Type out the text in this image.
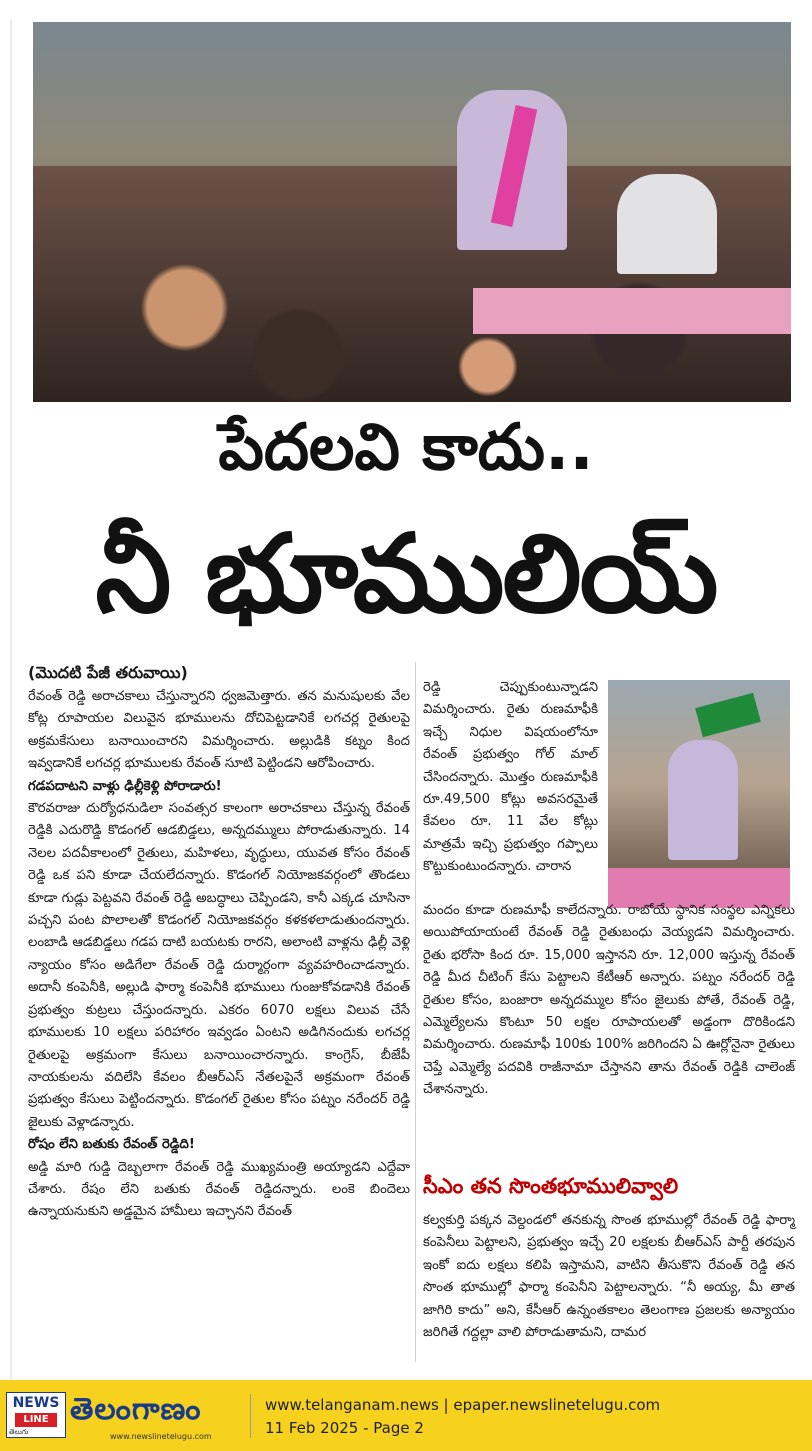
పేదలవి కాదు..
నీ భూములియ్

(మొదటి పేజీ తరువాయి)

రేవంత్ రెడ్డి అరాచకాలు చేస్తున్నారని ధ్వజమెత్తారు. తన మనుషులకు వేల కోట్ల రూపాయల విలువైన భూములను దోచిపెట్టడానికే లగచర్ల రైతులపై అక్రమకేసులు బనాయించారని విమర్శించారు. అల్లుడికి కట్నం కింద ఇవ్వడానికే లగచర్ల భూములకు రేవంత్ సూటి పెట్టిండని ఆరోపించారు.

గడపదాటని వాళ్లు ఢిల్లీకెళ్లి పోరాడారు!

కౌరవరాజు దుర్యోధనుడిలా సంవత్సర కాలంగా అరాచకాలు చేస్తున్న రేవంత్ రెడ్డికి ఎదురొడ్డి కొడంగల్ ఆడబిడ్డలు, అన్నదమ్ములు పోరాడుతున్నారు. 14 నెలల పదవీకాలంలో రైతులు, మహిళలు, వృద్ధులు, యువత కోసం రేవంత్ రెడ్డి ఒక పని కూడా చేయలేదన్నారు. కొడంగల్ నియోజకవర్గంలో తొండలు కూడా గుడ్లు పెట్టవని రేవంత్ రెడ్డి అబద్ధాలు చెప్పిండని, కానీ ఎక్కడ చూసినా పచ్చని పంట పొలాలతో కొడంగల్ నియోజకవర్గం కళకళలాడుతుందన్నారు. లంబాడి ఆడబిడ్డలు గడప దాటి బయటకు రారని, అలాంటి వాళ్లను ఢిల్లీ వెళ్లి న్యాయం కోసం అడిగేలా రేవంత్ రెడ్డి దుర్మార్గంగా వ్యవహరించాడన్నారు. అదానీ కంపెనీకి, అల్లుడి ఫార్మా కంపెనీకి భూములు గుంజుకోవడానికి రేవంత్ ప్రభుత్వం కుట్రలు చేస్తుందన్నారు. ఎకరం 6070 లక్షలు విలువ చేసే భూములకు 10 లక్షలు పరిహారం ఇవ్వడం ఏంటని అడిగినందుకు లగచర్ల రైతులపై అక్రమంగా కేసులు బనాయించారన్నారు. కాంగ్రెస్, బీజేపీ నాయకులను వదిలేసి కేవలం బీఆర్ఎస్ నేతలపైనే అక్రమంగా రేవంత్ ప్రభుత్వం కేసులు పెట్టిందన్నారు. కొడంగల్ రైతుల కోసం పట్నం నరేందర్ రెడ్డి జైలుకు వెళ్లాడన్నారు.

రోషం లేని బతుకు రేవంత్ రెడ్డిది!

అడ్డి మారి గుడ్డి దెబ్బలాగా రేవంత్ రెడ్డి ముఖ్యమంత్రి అయ్యాడని ఎద్దేవా చేశారు. రేషం లేని బతుకు రేవంత్ రెడ్డిదన్నారు. లంకె బిందెలు ఉన్నాయనుకుని అడ్డమైన హామీలు ఇచ్చానని రేవంత్

రెడ్డి చెప్పుకుంటున్నాడని విమర్శించారు. రైతు రుణమాఫీకి ఇచ్చే నిధుల విషయంలోనూ రేవంత్ ప్రభుత్వం గోల్ మాల్ చేసిందన్నారు. మొత్తం రుణమాఫీకి రూ.49,500 కోట్లు అవసరమైతే కేవలం రూ. 11 వేల కోట్లు మాత్రమే ఇచ్చి ప్రభుత్వం గప్పాలు కొట్టుకుంటుందన్నారు. చారాన

మందం కూడా రుణమాఫీ కాలేదన్నారు. రాబోయే స్థానిక సంస్థల ఎన్నికలు అయిపోయాయంటే రేవంత్ రెడ్డి రైతుబంధు వెయ్యడని విమర్శించారు. రైతు భరోసా కింద రూ. 15,000 ఇస్తానని రూ. 12,000 ఇస్తున్న రేవంత్ రెడ్డి మీద చీటింగ్ కేసు పెట్టాలని కేటీఆర్ అన్నారు. పట్నం నరేందర్ రెడ్డి రైతుల కోసం, బంజారా అన్నదమ్ముల కోసం జైలుకు పోతే, రేవంత్ రెడ్డి, ఎమ్మెల్యేలను కొంటూ 50 లక్షల రూపాయలతో అడ్డంగా దొరికిండని విమర్శించారు. రుణమాఫీ 100కు 100% జరిగిందని ఏ ఊర్లోనైనా రైతులు చెప్తే ఎమ్మెల్యే పదవికి రాజీనామా చేస్తానని తాను రేవంత్ రెడ్డికి చాలెంజ్ చేశానన్నారు.

సీఎం తన సొంతభూములివ్వాలి

కల్వకుర్తి పక్కన వెల్దండలో తనకున్న సొంత భూముల్లో రేవంత్ రెడ్డి ఫార్మా కంపెనీలు పెట్టాలని, ప్రభుత్వం ఇచ్చే 20 లక్షలకు బీఆర్ఎస్ పార్టీ తరపున ఇంకో ఐదు లక్షలు కలిపి ఇస్తామని, వాటిని తీసుకొని రేవంత్ రెడ్డి తన సొంత భూముల్లో ఫార్మా కంపెనీని పెట్టాలన్నారు. “నీ అయ్య, మీ తాత జాగిరి కాదు” అని, కేసీఆర్ ఉన్నంతకాలం తెలంగాణ ప్రజలకు అన్యాయం జరిగితే గద్దల్లా వాలి పోరాడుతామని, దామర

NEWS
LINE
తెలుగు
తెలంగాణం
www.newslinetelugu.com
www.telanganam.news | epaper.newslinetelugu.com
11 Feb 2025 - Page 2
